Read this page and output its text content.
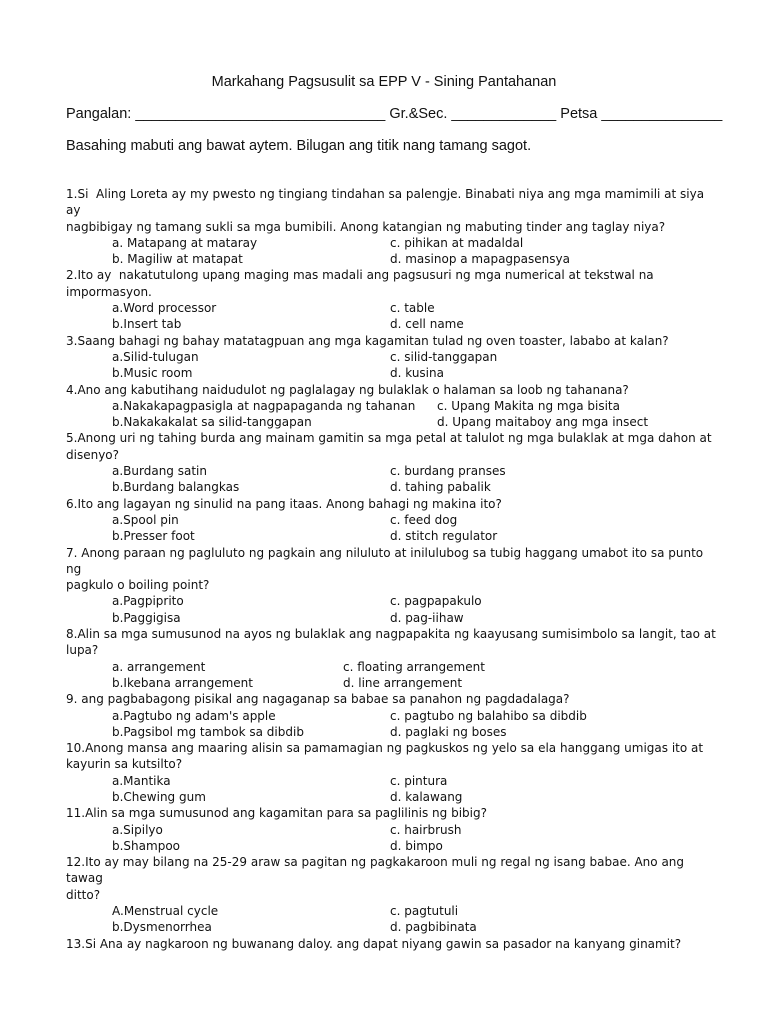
Markahang Pagsusulit sa EPP V - Sining Pantahanan
Pangalan: _______________________________ Gr.&Sec. _____________ Petsa _______________
Basahing mabuti ang bawat aytem. Bilugan ang titik nang tamang sagot.
1.Si  Aling Loreta ay my pwesto ng tingiang tindahan sa palengje. Binabati niya ang mga mamimili at siya ay
nagbibigay ng tamang sukli sa mga bumibili. Anong katangian ng mabuting tinder ang taglay niya?
a. Matapang at mataray	c. pihikan at madaldal
b. Magiliw at matapat	d. masinop a mapagpasensya
2.Ito ay  nakatutulong upang maging mas madali ang pagsusuri ng mga numerical at tekstwal na
impormasyon.
a.Word processor	c. table
b.Insert tab	d. cell name
3.Saang bahagi ng bahay matatagpuan ang mga kagamitan tulad ng oven toaster, lababo at kalan?
a.Silid-tulugan	c. silid-tanggapan
b.Music room	d. kusina
4.Ano ang kabutihang naidudulot ng paglalagay ng bulaklak o halaman sa loob ng tahanana?
a.Nakakapagpasigla at nagpapaganda ng tahanan c. Upang Makita ng mga bisita
b.Nakakakalat sa silid-tanggapan	d. Upang maitaboy ang mga insect
5.Anong uri ng tahing burda ang mainam gamitin sa mga petal at talulot ng mga bulaklak at mga dahon at
disenyo?
a.Burdang satin	c. burdang pranses
b.Burdang balangkas	d. tahing pabalik
6.Ito ang lagayan ng sinulid na pang itaas. Anong bahagi ng makina ito?
a.Spool pin	c. feed dog
b.Presser foot	d. stitch regulator
7. Anong paraan ng pagluluto ng pagkain ang niluluto at inilulubog sa tubig haggang umabot ito sa punto ng
pagkulo o boiling point?
a.Pagpiprito	c. pagpapakulo
b.Paggigisa	d. pag-iihaw
8.Alin sa mga sumusunod na ayos ng bulaklak ang nagpapakita ng kaayusang sumisimbolo sa langit, tao at
lupa?
a. arrangement	c. floating arrangement
b.Ikebana arrangement	d. line arrangement
9. ang pagbabagong pisikal ang nagaganap sa babae sa panahon ng pagdadalaga?
a.Pagtubo ng adam's apple	c. pagtubo ng balahibo sa dibdib
b.Pagsibol mg tambok sa dibdib	d. paglaki ng boses
10.Anong mansa ang maaring alisin sa pamamagian ng pagkuskos ng yelo sa ela hanggang umigas ito at
kayurin sa kutsilto?
a.Mantika	c. pintura
b.Chewing gum	d. kalawang
11.Alin sa mga sumusunod ang kagamitan para sa paglilinis ng bibig?
a.Sipilyo	c. hairbrush
b.Shampoo	d. bimpo
12.Ito ay may bilang na 25-29 araw sa pagitan ng pagkakaroon muli ng regal ng isang babae. Ano ang tawag
ditto?
A.Menstrual cycle	c. pagtutuli
b.Dysmenorrhea	d. pagbibinata
13.Si Ana ay nagkaroon ng buwanang daloy. ang dapat niyang gawin sa pasador na kanyang ginamit?
